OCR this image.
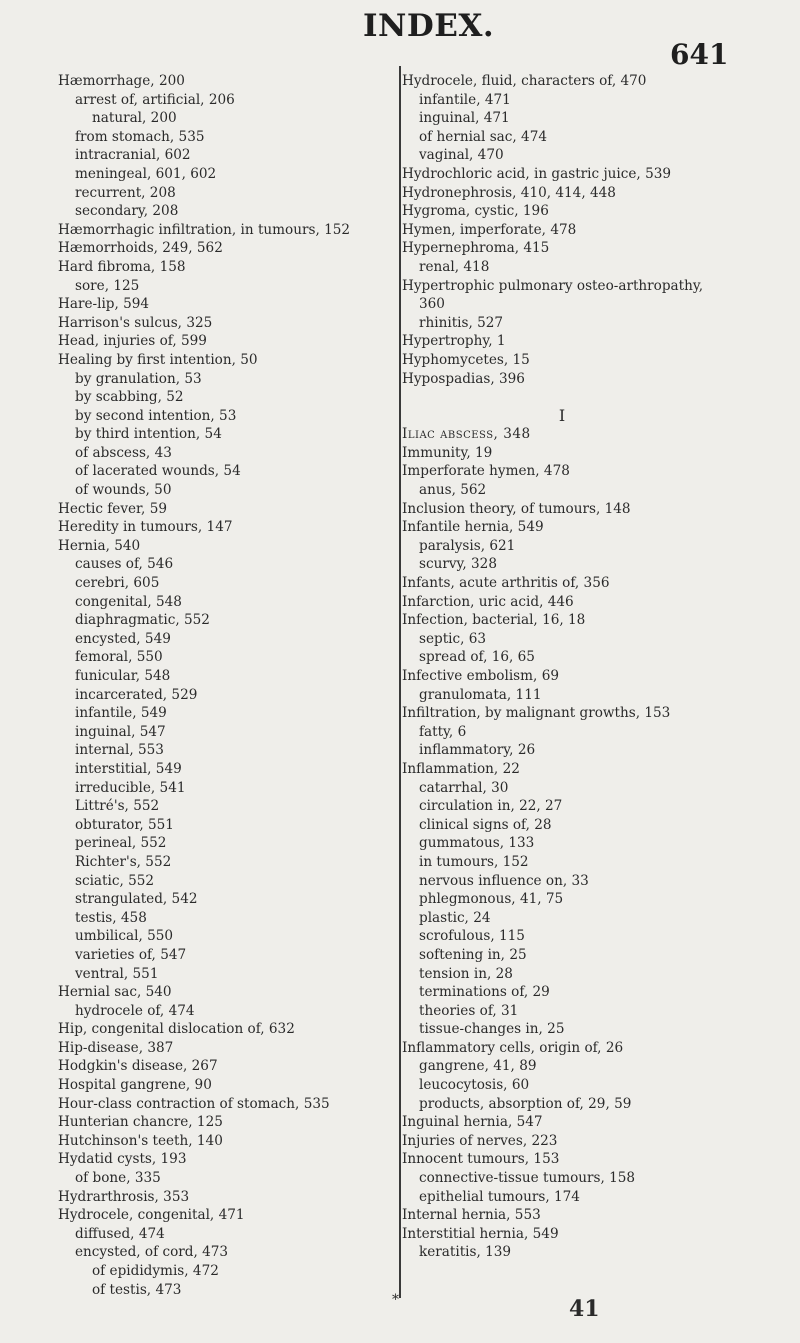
INDEX.
641
Hæmorrhage, 200
arrest of, artificial, 206
natural, 200
from stomach, 535
intracranial, 602
meningeal, 601, 602
recurrent, 208
secondary, 208
Hæmorrhagic infiltration, in tumours, 152
Hæmorrhoids, 249, 562
Hard fibroma, 158
sore, 125
Hare-lip, 594
Harrison's sulcus, 325
Head, injuries of, 599
Healing by first intention, 50
by granulation, 53
by scabbing, 52
by second intention, 53
by third intention, 54
of abscess, 43
of lacerated wounds, 54
of wounds, 50
Hectic fever, 59
Heredity in tumours, 147
Hernia, 540
causes of, 546
cerebri, 605
congenital, 548
diaphragmatic, 552
encysted, 549
femoral, 550
funicular, 548
incarcerated, 529
infantile, 549
inguinal, 547
internal, 553
interstitial, 549
irreducible, 541
Littré's, 552
obturator, 551
perineal, 552
Richter's, 552
sciatic, 552
strangulated, 542
testis, 458
umbilical, 550
varieties of, 547
ventral, 551
Hernial sac, 540
hydrocele of, 474
Hip, congenital dislocation of, 632
Hip-disease, 387
Hodgkin's disease, 267
Hospital gangrene, 90
Hour-class contraction of stomach, 535
Hunterian chancre, 125
Hutchinson's teeth, 140
Hydatid cysts, 193
of bone, 335
Hydrarthrosis, 353
Hydrocele, congenital, 471
diffused, 474
encysted, of cord, 473
of epididymis, 472
of testis, 473
Hydrocele, fluid, characters of, 470
infantile, 471
inguinal, 471
of hernial sac, 474
vaginal, 470
Hydrochloric acid, in gastric juice, 539
Hydronephrosis, 410, 414, 448
Hygroma, cystic, 196
Hymen, imperforate, 478
Hypernephroma, 415
renal, 418
Hypertrophic pulmonary osteo-arthropathy,
360
rhinitis, 527
Hypertrophy, 1
Hyphomycetes, 15
Hypospadias, 396
I
Iliac abscess, 348
Immunity, 19
Imperforate hymen, 478
anus, 562
Inclusion theory, of tumours, 148
Infantile hernia, 549
paralysis, 621
scurvy, 328
Infants, acute arthritis of, 356
Infarction, uric acid, 446
Infection, bacterial, 16, 18
septic, 63
spread of, 16, 65
Infective embolism, 69
granulomata, 111
Infiltration, by malignant growths, 153
fatty, 6
inflammatory, 26
Inflammation, 22
catarrhal, 30
circulation in, 22, 27
clinical signs of, 28
gummatous, 133
in tumours, 152
nervous influence on, 33
phlegmonous, 41, 75
plastic, 24
scrofulous, 115
softening in, 25
tension in, 28
terminations of, 29
theories of, 31
tissue-changes in, 25
Inflammatory cells, origin of, 26
gangrene, 41, 89
leucocytosis, 60
products, absorption of, 29, 59
Inguinal hernia, 547
Injuries of nerves, 223
Innocent tumours, 153
connective-tissue tumours, 158
epithelial tumours, 174
Internal hernia, 553
Interstitial hernia, 549
keratitis, 139
*	41
